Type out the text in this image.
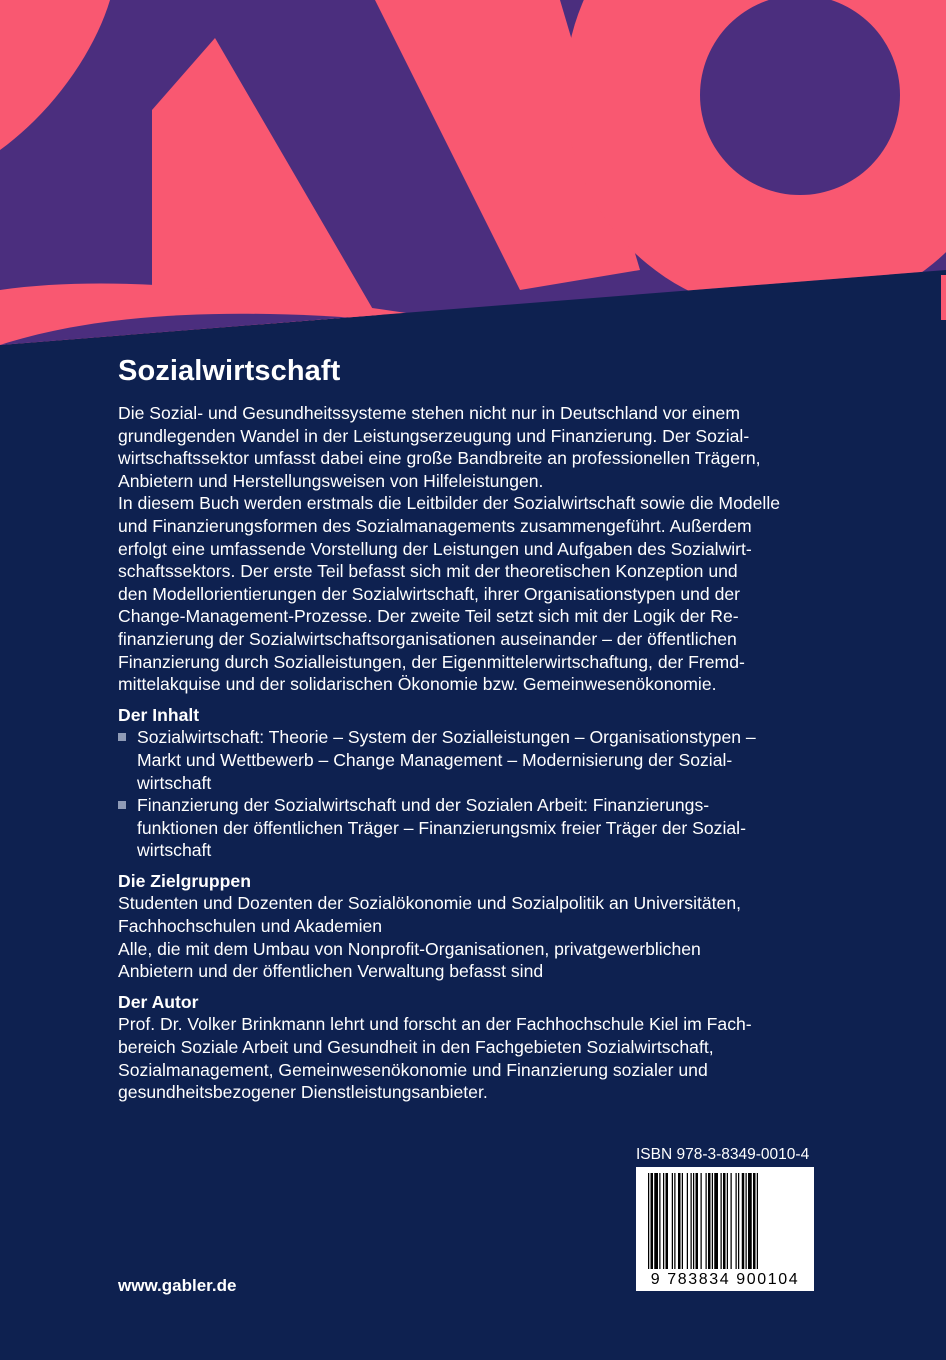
Sozialwirtschaft

Die Sozial- und Gesundheitssysteme stehen nicht nur in Deutschland vor einem
grundlegenden Wandel in der Leistungserzeugung und Finanzierung. Der Sozial-
wirtschaftssektor umfasst dabei eine große Bandbreite an professionellen Trägern,
Anbietern und Herstellungsweisen von Hilfeleistungen.
In diesem Buch werden erstmals die Leitbilder der Sozialwirtschaft sowie die Modelle
und Finanzierungsformen des Sozialmanagements zusammengeführt. Außerdem
erfolgt eine umfassende Vorstellung der Leistungen und Aufgaben des Sozialwirt-
schaftssektors. Der erste Teil befasst sich mit der theoretischen Konzeption und
den Modellorientierungen der Sozialwirtschaft, ihrer Organisationstypen und der
Change-Management-Prozesse. Der zweite Teil setzt sich mit der Logik der Re-
finanzierung der Sozialwirtschaftsorganisationen auseinander – der öffentlichen
Finanzierung durch Sozialleistungen, der Eigenmittelerwirtschaftung, der Fremd-
mittelakquise und der solidarischen Ökonomie bzw. Gemeinwesenökonomie.

Der Inhalt
Sozialwirtschaft: Theorie – System der Sozialleistungen – Organisationstypen –
Markt und Wettbewerb – Change Management – Modernisierung der Sozial-
wirtschaft
Finanzierung der Sozialwirtschaft und der Sozialen Arbeit: Finanzierungs-
funktionen der öffentlichen Träger – Finanzierungsmix freier Träger der Sozial-
wirtschaft
Die Zielgruppen

Studenten und Dozenten der Sozialökonomie und Sozialpolitik an Universitäten,
Fachhochschulen und Akademien
Alle, die mit dem Umbau von Nonprofit-Organisationen, privatgewerblichen
Anbietern und der öffentlichen Verwaltung befasst sind

Der Autor

Prof. Dr. Volker Brinkmann lehrt und forscht an der Fachhochschule Kiel im Fach-
bereich Soziale Arbeit und Gesundheit in den Fachgebieten Sozialwirtschaft,
Sozialmanagement, Gemeinwesenökonomie und Finanzierung sozialer und
gesundheitsbezogener Dienstleistungsanbieter.

ISBN 978-3-8349-0010-4
9 783834 900104
www.gabler.de
